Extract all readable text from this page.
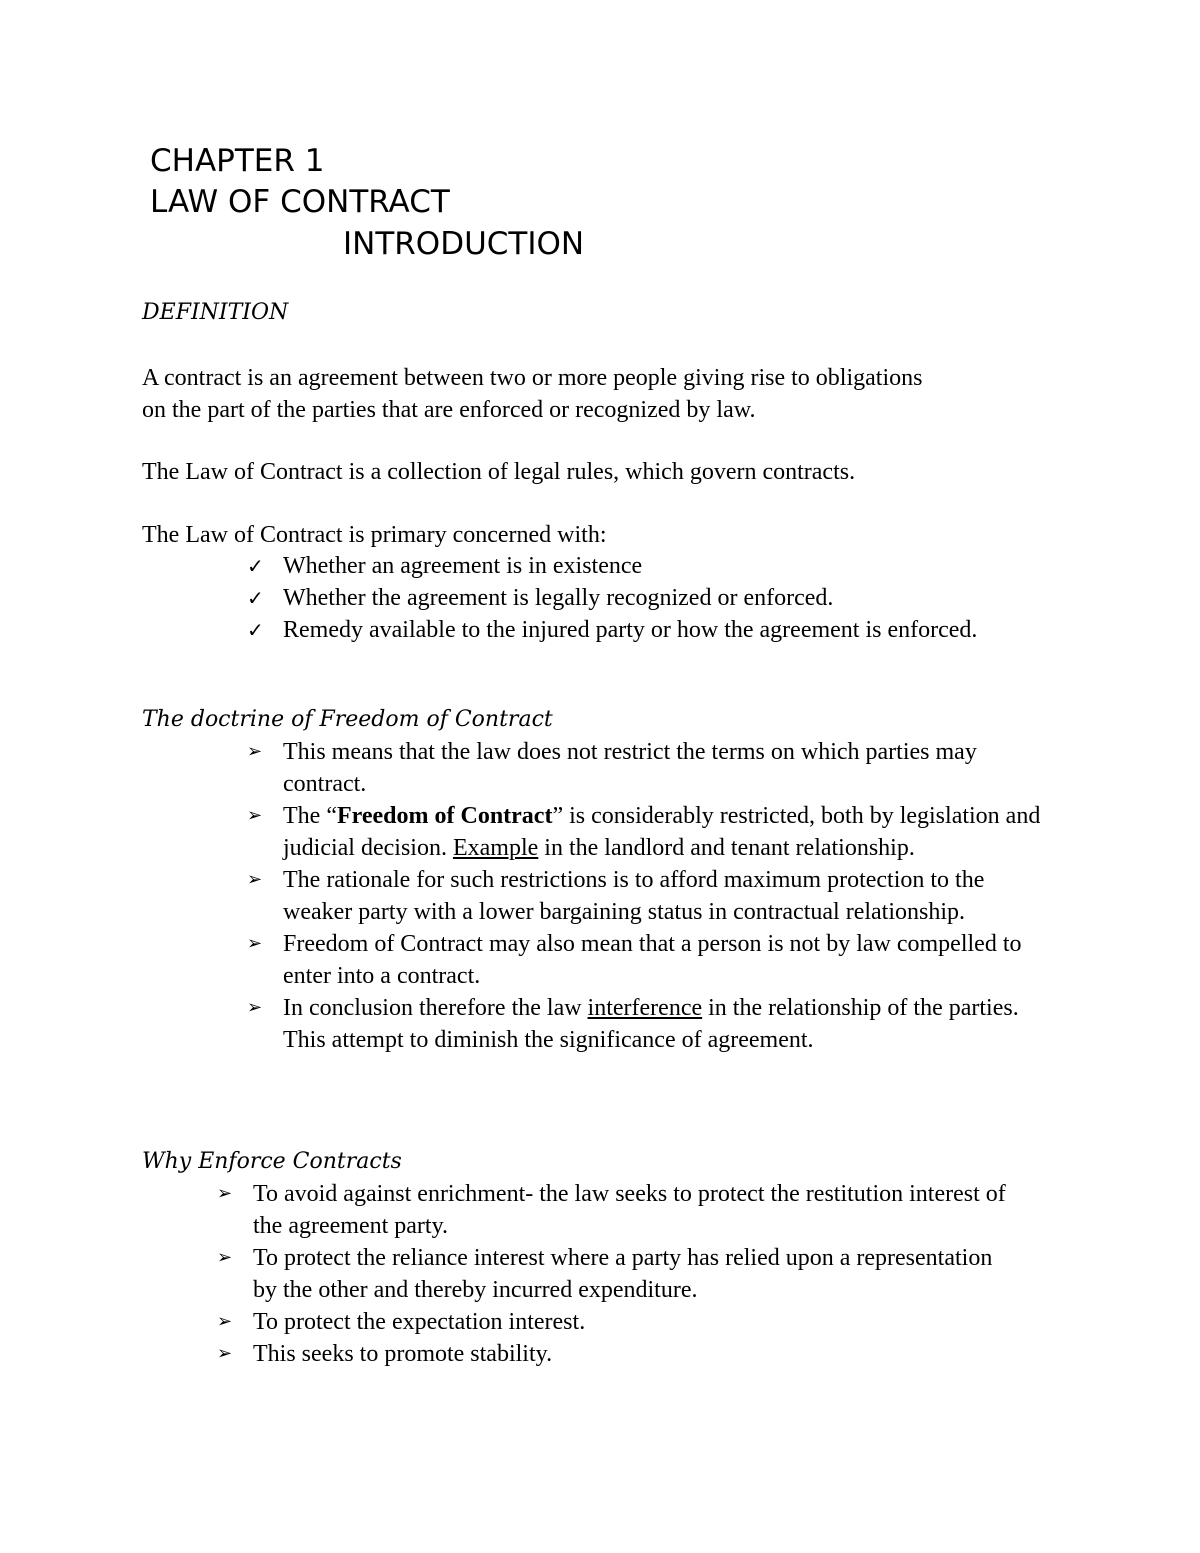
CHAPTER 1
LAW OF CONTRACT
INTRODUCTION
DEFINITION
A contract is an agreement between two or more people giving rise to obligations
on the part of the parties that are enforced or recognized by law.

The Law of Contract is a collection of legal rules, which govern contracts.

The Law of Contract is primary concerned with:

✓ Whether an agreement is in existence
✓ Whether the agreement is legally recognized or enforced.
✓ Remedy available to the injured party or how the agreement is enforced.
The doctrine of Freedom of Contract
➢ This means that the law does not restrict the terms on which parties may contract.
➢ The “Freedom of Contract” is considerably restricted, both by legislation and judicial decision. Example in the landlord and tenant relationship.
➢ The rationale for such restrictions is to afford maximum protection to the weaker party with a lower bargaining status in contractual relationship.
➢ Freedom of Contract may also mean that a person is not by law compelled to enter into a contract.
➢ In conclusion therefore the law interference in the relationship of the parties. This attempt to diminish the significance of agreement.
Why Enforce Contracts
➢ To avoid against enrichment- the law seeks to protect the restitution interest of the agreement party.
➢ To protect the reliance interest where a party has relied upon a representation by the other and thereby incurred expenditure.
➢ To protect the expectation interest.
➢ This seeks to promote stability.
